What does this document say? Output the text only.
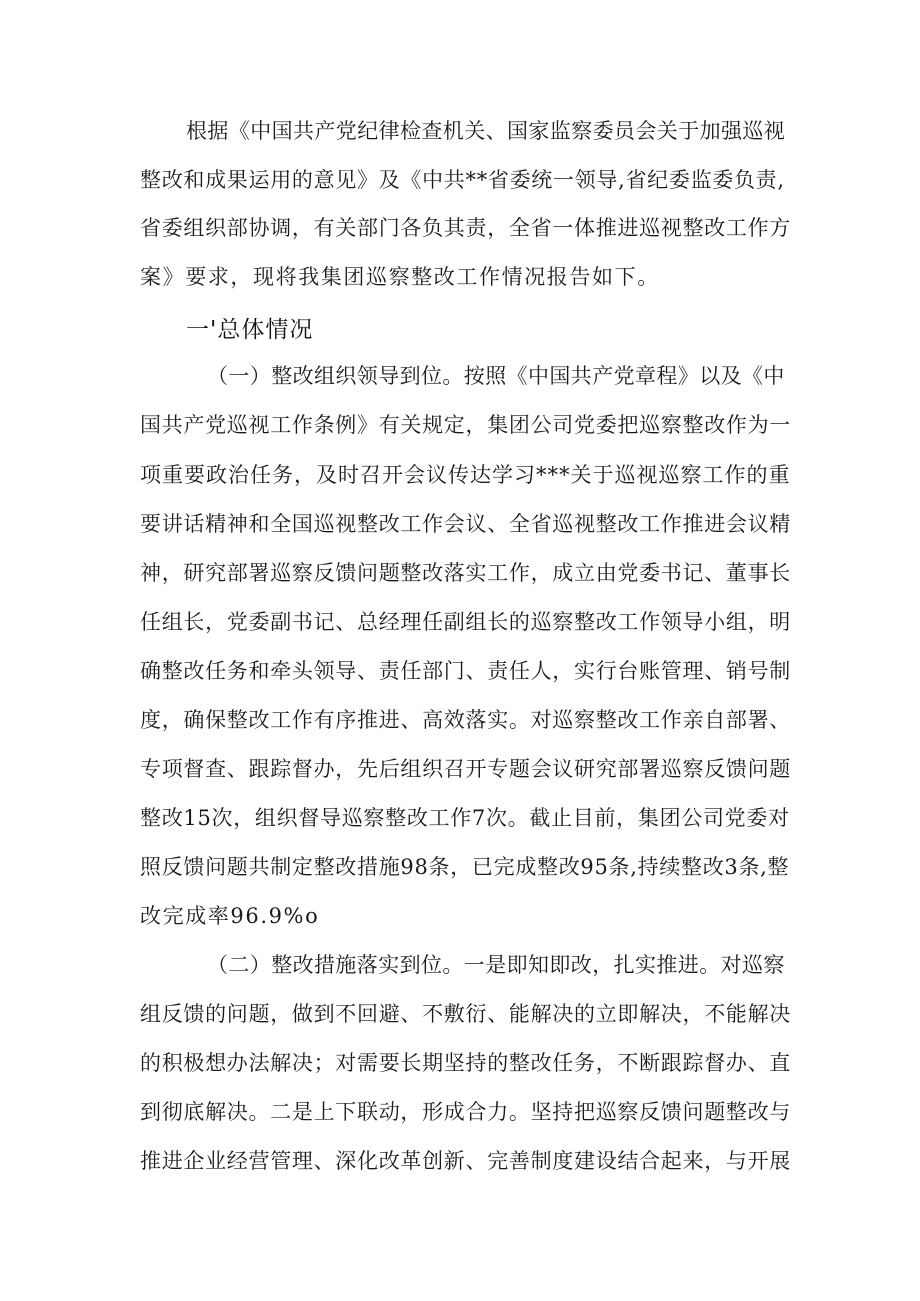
根据《中国共产党纪律检查机关、国家监察委员会关于加强巡视
整改和成果运用的意见》及《中共**省委统一领导,省纪委监委负责,
省委组织部协调，有关部门各负其责，全省一体推进巡视整改工作方
案》要求，现将我集团巡察整改工作情况报告如下。
一'总体情况
（一）整改组织领导到位。按照《中国共产党章程》以及《中
国共产党巡视工作条例》有关规定，集团公司党委把巡察整改作为一
项重要政治任务，及时召开会议传达学习***关于巡视巡察工作的重
要讲话精神和全国巡视整改工作会议、全省巡视整改工作推进会议精
神，研究部署巡察反馈问题整改落实工作，成立由党委书记、董事长
任组长，党委副书记、总经理任副组长的巡察整改工作领导小组，明
确整改任务和牵头领导、责任部门、责任人，实行台账管理、销号制
度，确保整改工作有序推进、高效落实。对巡察整改工作亲自部署、
专项督查、跟踪督办，先后组织召开专题会议研究部署巡察反馈问题
整改15次，组织督导巡察整改工作7次。截止目前，集团公司党委对
照反馈问题共制定整改措施98条，已完成整改95条,持续整改3条,整
改完成率96.9%o
（二）整改措施落实到位。一是即知即改，扎实推进。对巡察
组反馈的问题，做到不回避、不敷衍、能解决的立即解决，不能解决
的积极想办法解决；对需要长期坚持的整改任务，不断跟踪督办、直
到彻底解决。二是上下联动，形成合力。坚持把巡察反馈问题整改与
推进企业经营管理、深化改革创新、完善制度建设结合起来，与开展
